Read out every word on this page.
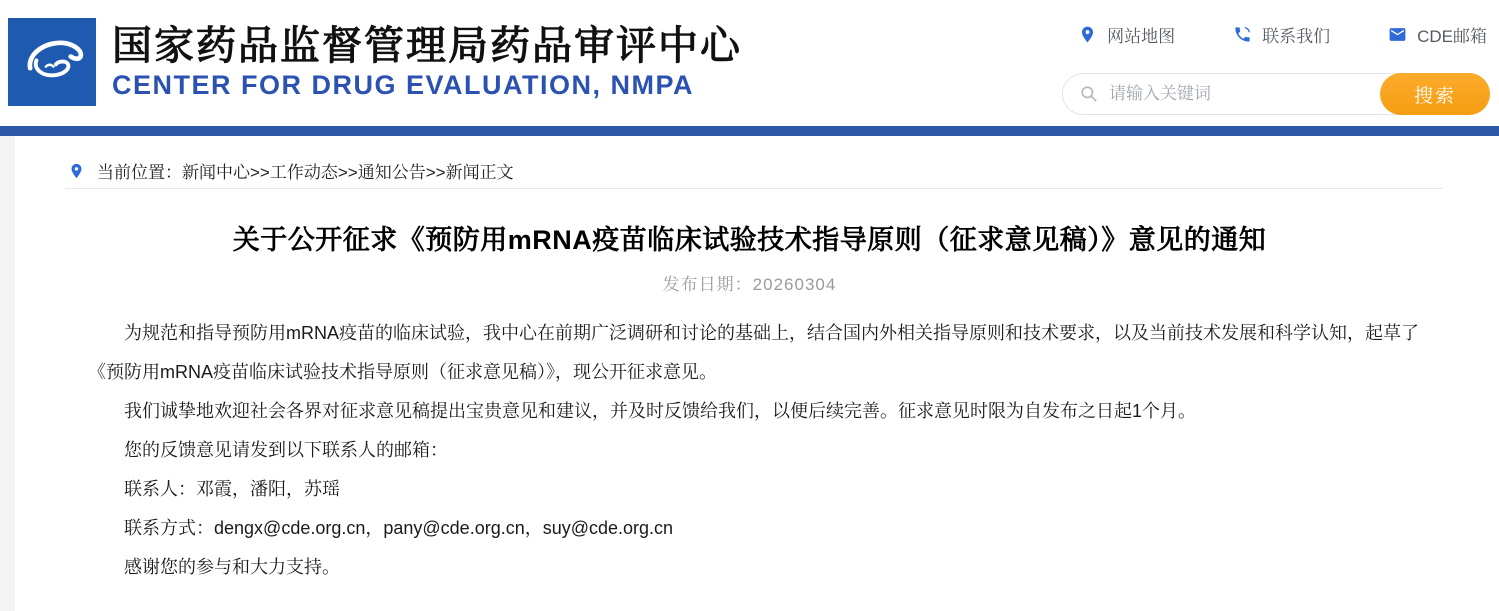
国家药品监督管理局药品审评中心
CENTER FOR DRUG EVALUATION, NMPA
网站地图	联系我们	CDE邮箱
请输入关键词
搜索
当前位置：新闻中心>>工作动态>>通知公告>>新闻正文
关于公开征求《预防用mRNA疫苗临床试验技术指导原则（征求意见稿）》意见的通知
发布日期：20260304

为规范和指导预防用mRNA疫苗的临床试验，我中心在前期广泛调研和讨论的基础上，结合国内外相关指导原则和技术要求，以及当前技术发展和科学认知，起草了《预防用mRNA疫苗临床试验技术指导原则（征求意见稿）》，现公开征求意见。

我们诚挚地欢迎社会各界对征求意见稿提出宝贵意见和建议，并及时反馈给我们，以便后续完善。征求意见时限为自发布之日起1个月。

您的反馈意见请发到以下联系人的邮箱：

联系人：邓霞，潘阳，苏瑶

联系方式：dengx@cde.org.cn，pany@cde.org.cn，suy@cde.org.cn

感谢您的参与和大力支持。
